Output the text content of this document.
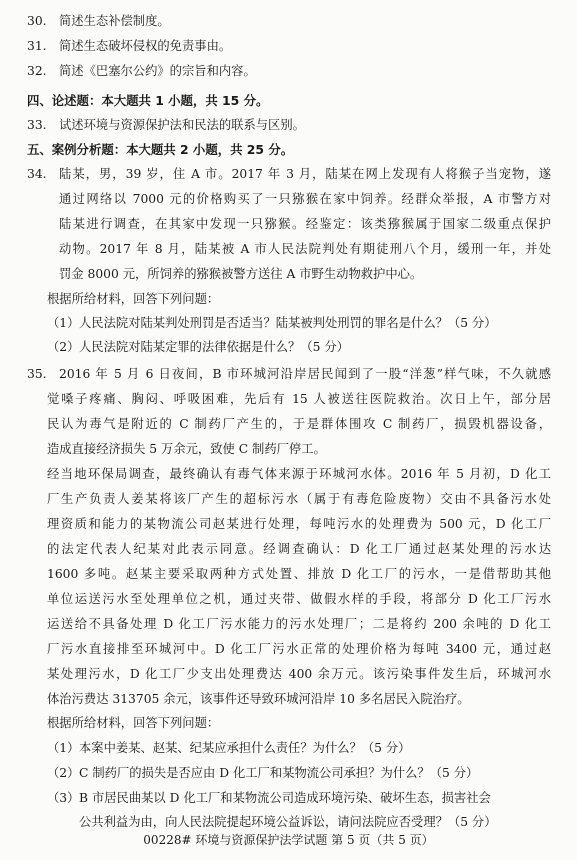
30.	简述生态补偿制度。
31.	简述生态破坏侵权的免责事由。
32.	简述《巴塞尔公约》的宗旨和内容。
四、论述题：本大题共 1 小题，共 15 分。
33.	试述环境与资源保护法和民法的联系与区别。
五、案例分析题：本大题共 2 小题，共 25 分。
34.	陆某，男，39 岁，住 A 市。2017 年 3 月，陆某在网上发现有人将猴子当宠物，遂
通过网络以 7000 元的价格购买了一只猕猴在家中饲养。经群众举报，A 市警方对
陆某进行调查，在其家中发现一只猕猴。经鉴定：该类猕猴属于国家二级重点保护
动物。2017 年 8 月，陆某被 A 市人民法院判处有期徒刑八个月，缓刑一年，并处
罚金 8000 元，所饲养的猕猴被警方送往 A 市野生动物救护中心。
根据所给材料，回答下列问题：
（1） 人民法院对陆某判处刑罚是否适当？陆某被判处刑罚的罪名是什么？（5 分）
（2） 人民法院对陆某定罪的法律依据是什么？（5 分）
35.	2016 年 5 月 6 日夜间，B 市环城河沿岸居民闻到了一股“洋葱”样气味，不久就感
觉嗓子疼痛、胸闷、呼吸困难，先后有 15 人被送往医院救治。次日上午，部分居
民认为毒气是附近的 C 制药厂产生的，于是群体围攻 C 制药厂，损毁机器设备，
造成直接经济损失 5 万余元，致使 C 制药厂停工。
经当地环保局调查，最终确认有毒气体来源于环城河水体。2016 年 5 月初，D 化工
厂生产负责人姜某将该厂产生的超标污水（属于有毒危险废物）交由不具备污水处
理资质和能力的某物流公司赵某进行处理，每吨污水的处理费为 500 元，D 化工厂
的法定代表人纪某对此表示同意。经调查确认：D 化工厂通过赵某处理的污水达
1600 多吨。赵某主要采取两种方式处置、排放 D 化工厂的污水，一是借帮助其他
单位运送污水至处理单位之机，通过夹带、做假水样的手段，将部分 D 化工厂污水
运送给不具备处理 D 化工厂污水能力的污水处理厂；二是将约 200 余吨的 D 化工
厂污水直接排至环城河中。D 化工厂污水正常的处理价格为每吨 3400 元，通过赵
某处理污水，D 化工厂少支出处理费达 400 余万元。该污染事件发生后，环城河水
体治污费达 313705 余元，该事件还导致环城河沿岸 10 多名居民入院治疗。
根据所给材料，回答下列问题：
（1） 本案中姜某、赵某、纪某应承担什么责任？为什么？（5 分）
（2） C 制药厂的损失是否应由 D 化工厂和某物流公司承担？为什么？（5 分）
（3） B 市居民曲某以 D 化工厂和某物流公司造成环境污染、破坏生态，损害社会
公共利益为由，向人民法院提起环境公益诉讼，请问法院应否受理？（5 分）
00228# 环境与资源保护法学试题 第 5 页（共 5 页）
